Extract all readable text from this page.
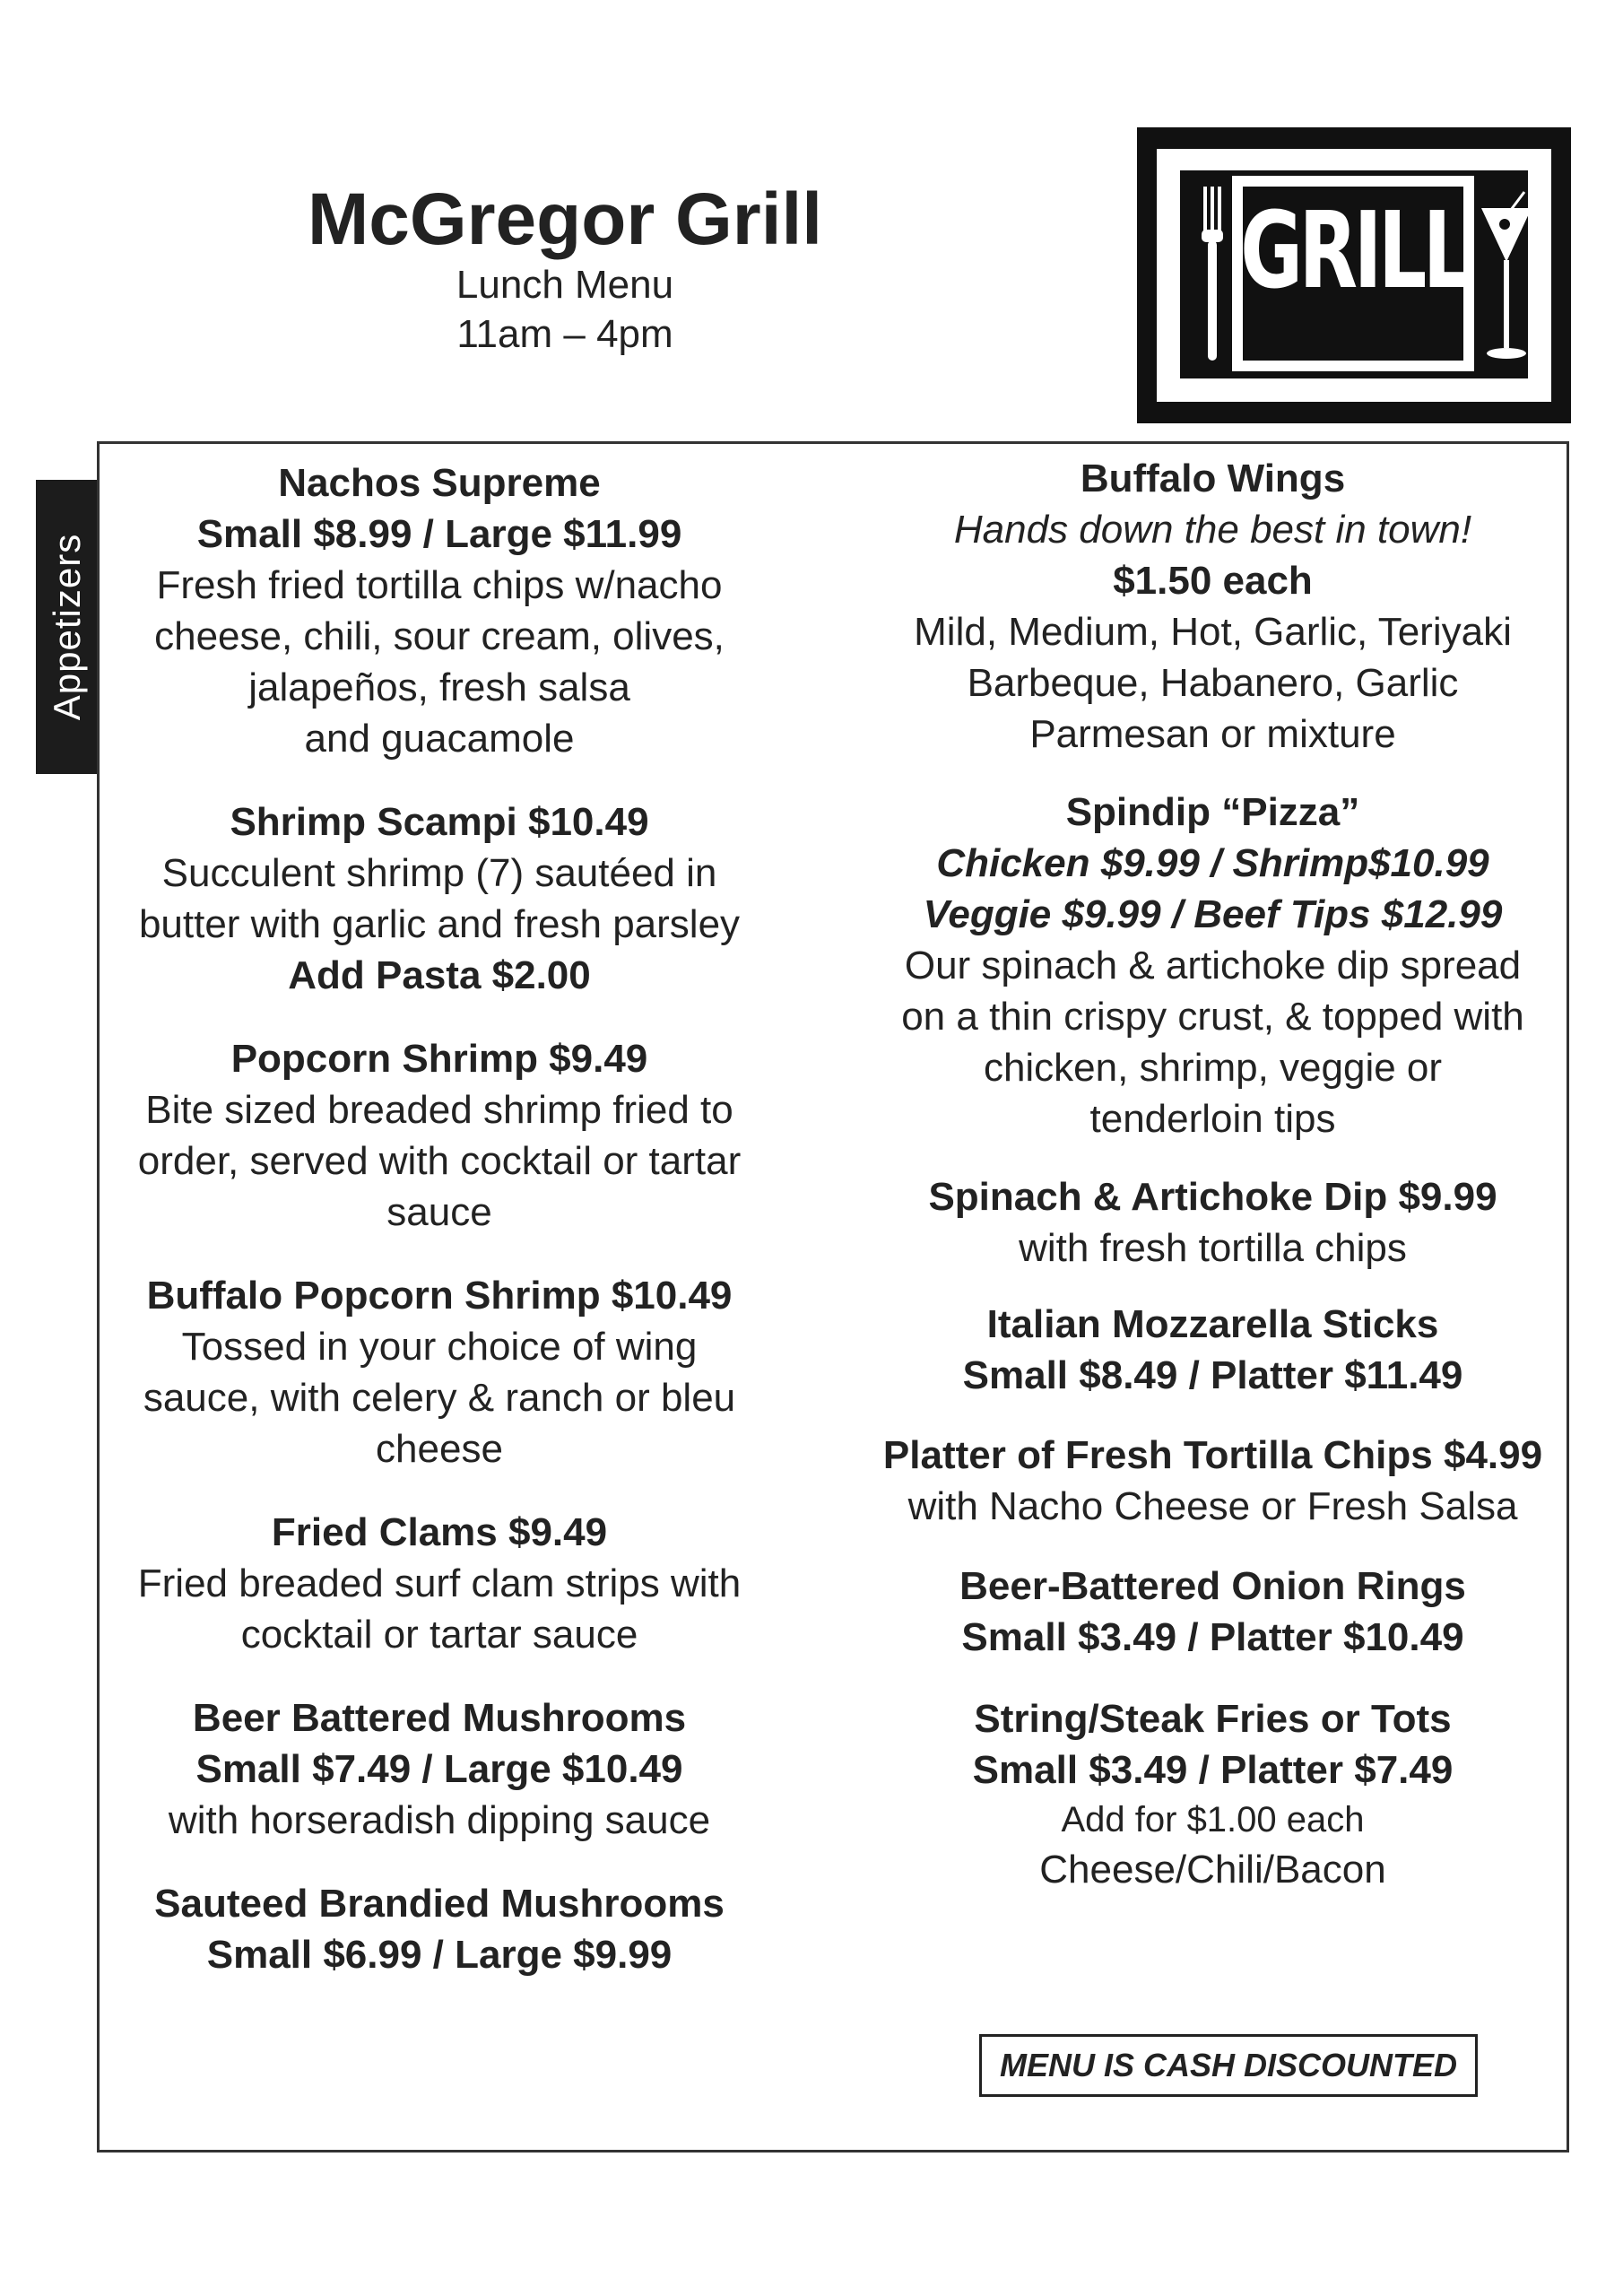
McGregor Grill

Lunch Menu

11am – 4pm

GRILL
Appetizers
Nachos Supreme
Small $8.99 / Large $11.99
Fresh fried tortilla chips w/nacho
cheese, chili, sour cream, olives,
jalapeños, fresh salsa
and guacamole
Shrimp Scampi $10.49
Succulent shrimp (7) sautéed in
butter with garlic and fresh parsley
Add Pasta $2.00
Popcorn Shrimp $9.49
Bite sized breaded shrimp fried to
order, served with cocktail or tartar
sauce
Buffalo Popcorn Shrimp $10.49
Tossed in your choice of wing
sauce, with celery & ranch or bleu
cheese
Fried Clams $9.49
Fried breaded surf clam strips with
cocktail or tartar sauce
Beer Battered Mushrooms
Small $7.49 / Large $10.49
with horseradish dipping sauce
Sauteed Brandied Mushrooms
Small $6.99 / Large $9.99
Buffalo Wings
Hands down the best in town!
$1.50 each
Mild, Medium, Hot, Garlic, Teriyaki
Barbeque, Habanero, Garlic
Parmesan or mixture
Spindip “Pizza”
Chicken $9.99 / Shrimp$10.99
Veggie $9.99 / Beef Tips $12.99
Our spinach & artichoke dip spread
on a thin crispy crust, & topped with
chicken, shrimp, veggie or
tenderloin tips
Spinach & Artichoke Dip $9.99
with fresh tortilla chips
Italian Mozzarella Sticks
Small $8.49 / Platter $11.49
Platter of Fresh Tortilla Chips $4.99
with Nacho Cheese or Fresh Salsa
Beer-Battered Onion Rings
Small $3.49 / Platter $10.49
String/Steak Fries or Tots
Small $3.49 / Platter $7.49
Add for $1.00 each
Cheese/Chili/Bacon
MENU IS CASH DISCOUNTED
